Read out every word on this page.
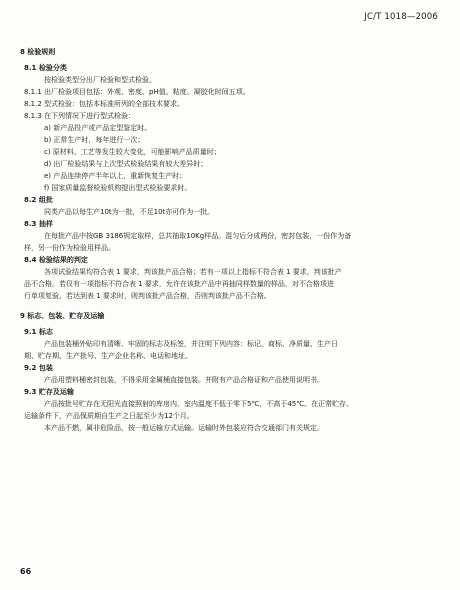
JC/T 1018—2006
8 检验规则
8.1 检验分类
按检验类型分出厂检验和型式检验。
8.1.1 出厂检验项目包括：外观、密度、pH值、粘度、凝胶化时间五项。
8.1.2 型式检验：包括本标准所列的全部技术要求。
8.1.3 在下列情况下进行型式检验：
a) 新产品投产或产品定型鉴定时。
b) 正常生产时，每年进行一次；
c) 原材料、工艺等发生较大变化，可能影响产品质量时；
d) 出厂检验结果与上次型式检验结果有较大差异时；
e) 产品连续停产半年以上，重新恢复生产时；
f) 国家质量监督检验机构提出型式检验要求时。
8.2 组批
同类产品以每生产10t为一批，不足10t亦可作为一批。
8.3 抽样
在每批产品中按GB 3186规定取样，总共抽取10Kg样品。混匀后分成两份，密封包装，一份作为备
样，另一份作为检验用样品。
8.4 检验结果的判定
各项试验结果均符合表 1 要求，判该批产品合格；若有一项以上指标不符合表 1 要求，判该批产
品不合格。若仅有一项指标不符合表 1 要求，允许在该批产品中再抽同样数量的样品，对不合格项进
行单项复验。若达到表 1 要求时，则判该批产品合格，否则判该批产品不合格。
9 标志、包装、贮存及运输
9.1 标志
产品包装桶外贴印有清晰、牢固的标志及标签，并注明下列内容：标记、商标、净质量、生产日
期、贮存期、生产批号、生产企业名称、电话和地址。
9.2 包装
产品用塑料桶密封包装，不得采用金属桶直接包装。并附有产品合格证和产品使用说明书。
9.3 贮存及运输
产品按批号贮存在无阳光直接照射的库房内，室内温度不低于零下5℃，不高于45℃。在正常贮存、
运输条件下，产品保质期自生产之日起至少为12个月。
本产品不燃，属非危险品，按一般运输方式运输。运输时外包装应符合交通部门有关规定。
66
